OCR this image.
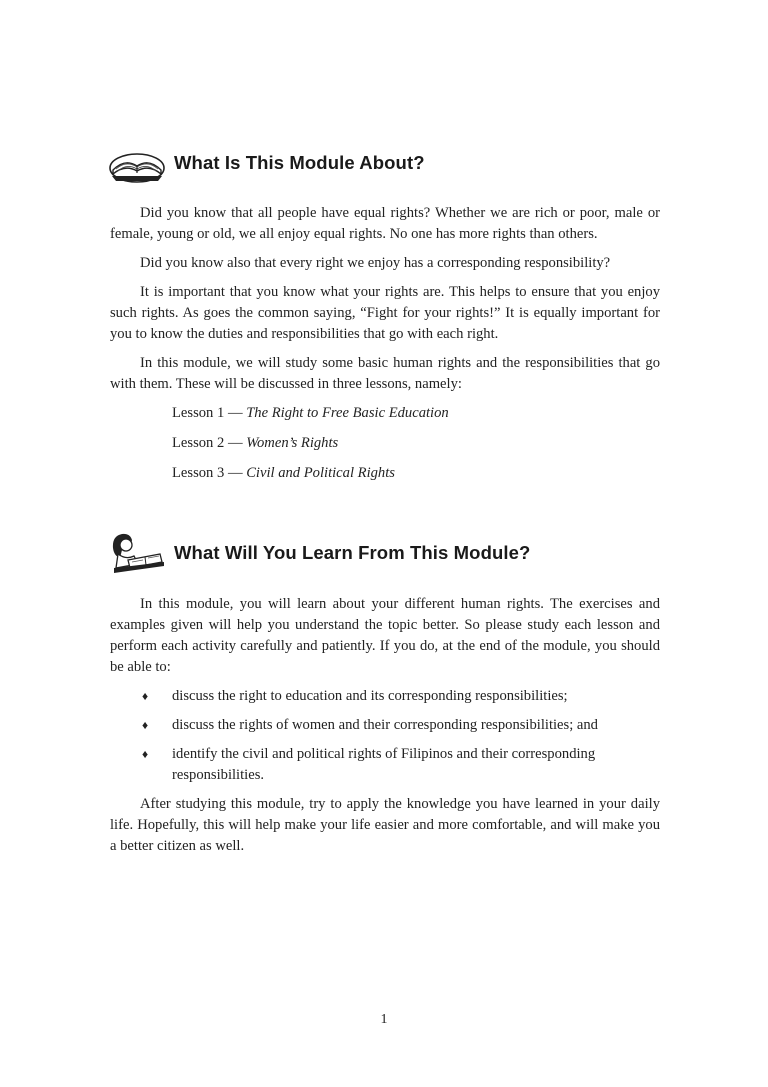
What Is This Module About?

Did you know that all people have equal rights? Whether we are rich or poor, male or female, young or old, we all enjoy equal rights. No one has more rights than others.

Did you know also that every right we enjoy has a corresponding responsibility?

It is important that you know what your rights are. This helps to ensure that you enjoy such rights. As goes the common saying, “Fight for your rights!” It is equally important for you to know the duties and responsibilities that go with each right.

In this module, we will study some basic human rights and the responsibilities that go with them. These will be discussed in three lessons, namely:

Lesson 1 — The Right to Free Basic Education
Lesson 2 — Women’s Rights
Lesson 3 — Civil and Political Rights
What Will You Learn From This Module?

In this module, you will learn about your different human rights. The exercises and examples given will help you understand the topic better. So please study each lesson and perform each activity carefully and patiently. If you do, at the end of the module, you should be able to:

♦ discuss the right to education and its corresponding responsibilities;
♦ discuss the rights of women and their corresponding responsibilities; and
♦ identify the civil and political rights of Filipinos and their corresponding responsibilities.

After studying this module, try to apply the knowledge you have learned in your daily life. Hopefully, this will help make your life easier and more comfortable, and will make you a better citizen as well.

1
